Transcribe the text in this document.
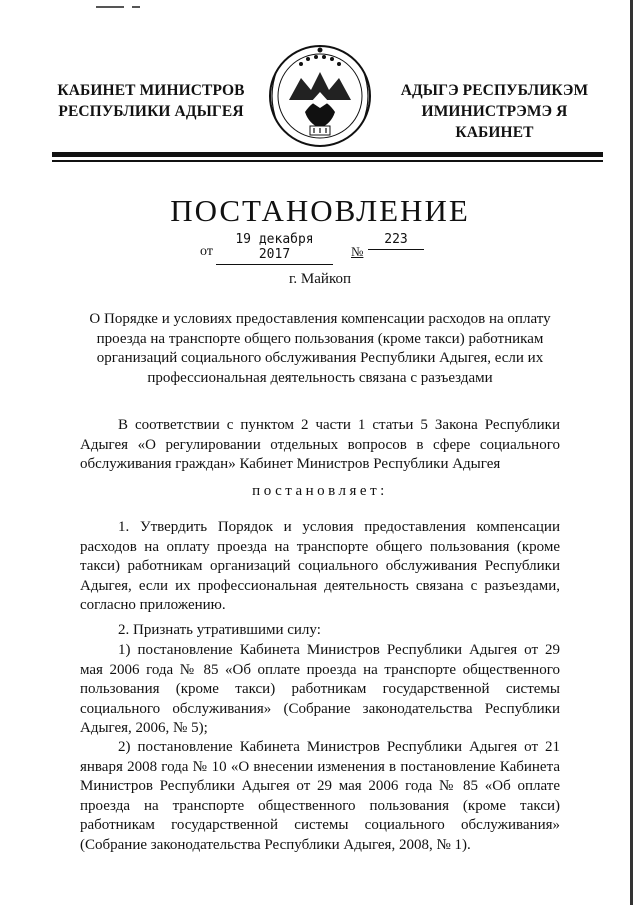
КАБИНЕТ МИНИСТРОВ
РЕСПУБЛИКИ АДЫГЕЯ
АДЫГЭ РЕСПУБЛИКЭМ
ИМИНИСТРЭМЭ Я КАБИНЕТ
ПОСТАНОВЛЕНИЕ
от
19 декабря 2017	№
223
г. Майкоп
О Порядке и условиях предоставления компенсации расходов на оплату проезда на транспорте общего пользования (кроме такси) работникам организаций социального обслуживания Республики Адыгея, если их профессиональная деятельность связана с разъездами
В соответствии с пунктом 2 части 1 статьи 5 Закона Республики Адыгея «О регулировании отдельных вопросов в сфере социального обслуживания граждан» Кабинет Министров Республики Адыгея
постановляет:
1. Утвердить Порядок и условия предоставления компенсации расходов на оплату проезда на транспорте общего пользования (кроме такси) работникам организаций социального обслуживания Республики Адыгея, если их профессиональная деятельность связана с разъездами, согласно приложению.
2. Признать утратившими силу:
1) постановление Кабинета Министров Республики Адыгея от 29 мая 2006 года № 85 «Об оплате проезда на транспорте общественного пользования (кроме такси) работникам государственной системы социального обслуживания» (Собрание законодательства Республики Адыгея, 2006, № 5);
2) постановление Кабинета Министров Республики Адыгея от 21 января 2008 года № 10 «О внесении изменения в постановление Кабинета Министров Республики Адыгея от 29 мая 2006 года № 85 «Об оплате проезда на транспорте общественного пользования (кроме такси) работникам государственной системы социального обслуживания» (Собрание законодательства Республики Адыгея, 2008, № 1).
